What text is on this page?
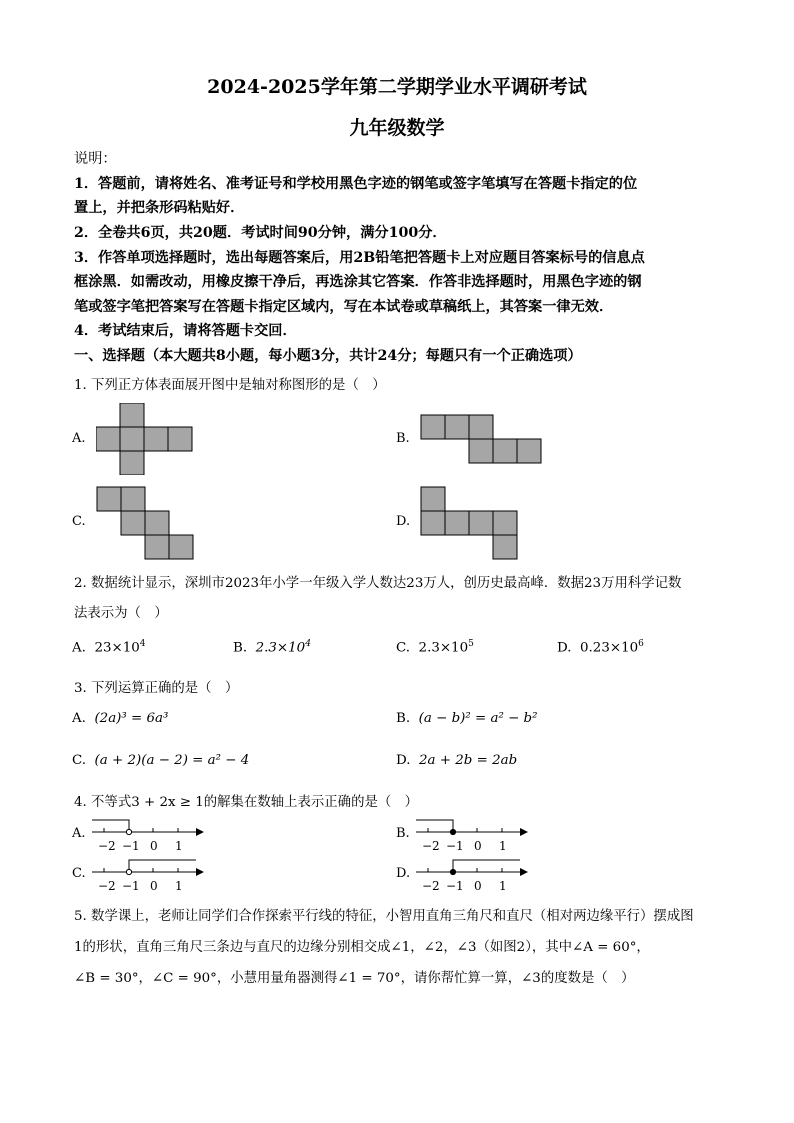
2024-2025学年第二学期学业水平调研考试
九年级数学
说明：
1．答题前，请将姓名、准考证号和学校用黑色字迹的钢笔或签字笔填写在答题卡指定的位
置上，并把条形码粘贴好．
2．全卷共6页，共20题．考试时间90分钟，满分100分．
3．作答单项选择题时，选出每题答案后，用2B铅笔把答题卡上对应题目答案标号的信息点
框涂黑．如需改动，用橡皮擦干净后，再选涂其它答案．作答非选择题时，用黑色字迹的钢
笔或签字笔把答案写在答题卡指定区域内，写在本试卷或草稿纸上，其答案一律无效．
4．考试结束后，请将答题卡交回．
一、选择题（本大题共8小题，每小题3分，共计24分；每题只有一个正确选项）
1. 下列正方体表面展开图中是轴对称图形的是（　）
A.	B.
C.	D.
2. 数据统计显示，深圳市2023年小学一年级入学人数达23万人，创历史最高峰．数据23万用科学记数
法表示为（　）
A. $23\times 10^4$	B. $2.3\times 10^4$	C. $2.3\times 10^5$	D. $0.23\times 10^6$
3. 下列运算正确的是（　）
A. (2a)³ = 6a³	B. (a − b)² = a² − b²
C. (a + 2)(a − 2) = a² − 4	D. 2a + 2b = 2ab
4. 不等式3 + 2x ≥ 1的解集在数轴上表示正确的是（　）
A.
−2 −1 0 1
B.
−2 −1 0 1
C.
−2 −1 0 1
D.
−2 −1 0 1
5. 数学课上，老师让同学们合作探索平行线的特征，小智用直角三角尺和直尺（相对两边缘平行）摆成图
1的形状，直角三角尺三条边与直尺的边缘分别相交成∠1，∠2，∠3（如图2），其中∠A = 60°，
∠B = 30°，∠C = 90°，小慧用量角器测得∠1 = 70°，请你帮忙算一算，∠3的度数是（　）
